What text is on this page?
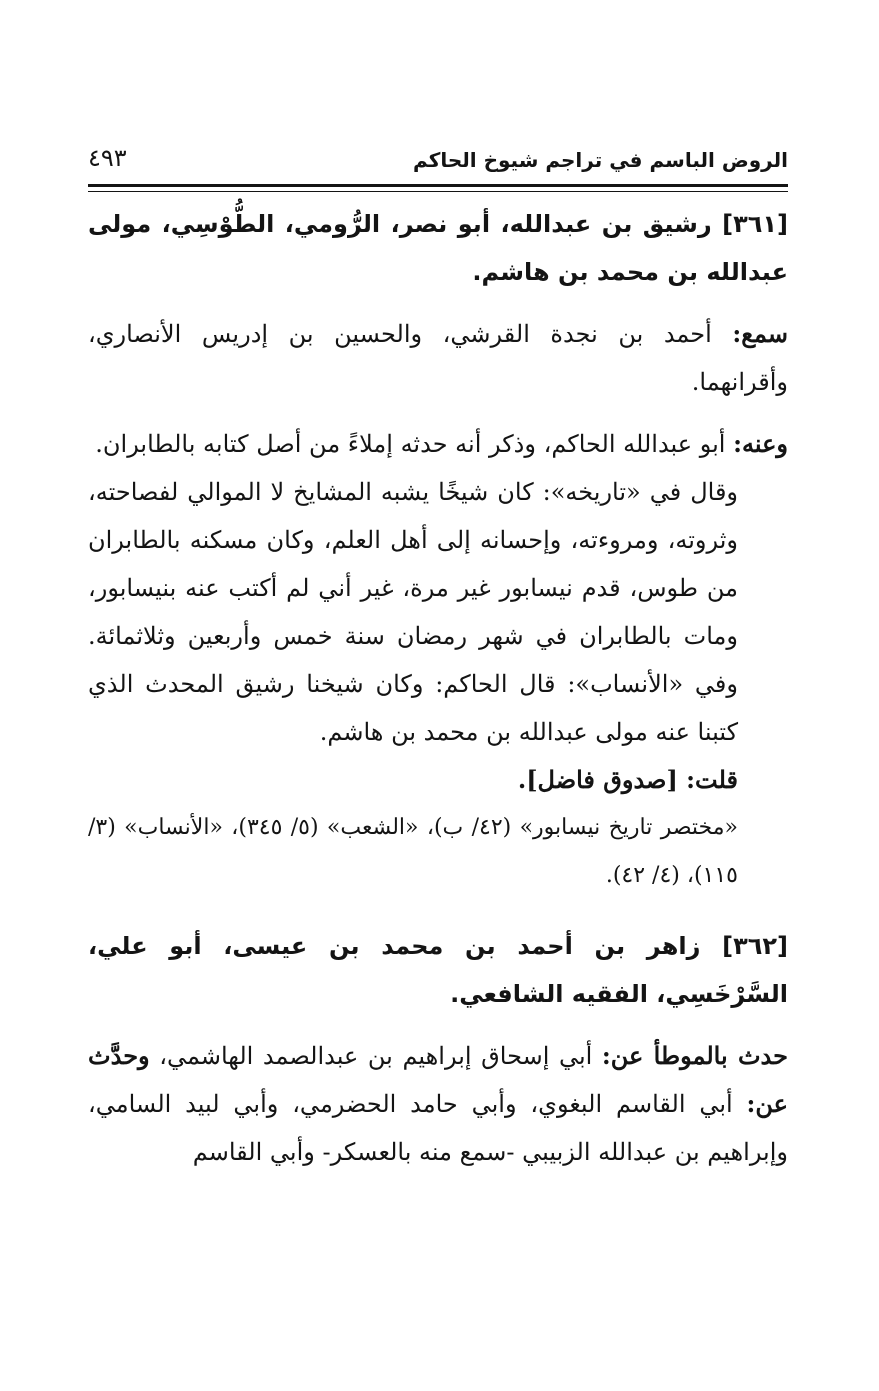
الروض الباسم في تراجم شيوخ الحاكم
٤٩٣

[٣٦١] رشيق بن عبدالله، أبو نصر، الرُّومي، الطُّوْسِي، مولى عبدالله بن محمد بن هاشم.

سمع: أحمد بن نجدة القرشي، والحسين بن إدريس الأنصاري، وأقرانهما.

وعنه: أبو عبدالله الحاكم، وذكر أنه حدثه إملاءً من أصل كتابه بالطابران.

وقال في «تاريخه»: كان شيخًا يشبه المشايخ لا الموالي لفصاحته، وثروته، ومروءته، وإحسانه إلى أهل العلم، وكان مسكنه بالطابران من طوس، قدم نيسابور غير مرة، غير أني لم أكتب عنه بنيسابور، ومات بالطابران في شهر رمضان سنة خمس وأربعين وثلاثمائة. وفي «الأنساب»: قال الحاكم: وكان شيخنا رشيق المحدث الذي كتبنا عنه مولى عبدالله بن محمد بن هاشم.

قلت: [صدوق فاضل].

«مختصر تاريخ نيسابور» (٤٢/ ب)، «الشعب» (٥/ ٣٤٥)، «الأنساب» (٣/ ١١٥)، (٤/ ٤٢).

[٣٦٢] زاهر بن أحمد بن محمد بن عيسى، أبو علي، السَّرْخَسِي، الفقيه الشافعي.

حدث بالموطأ عن: أبي إسحاق إبراهيم بن عبدالصمد الهاشمي، وحدَّث عن: أبي القاسم البغوي، وأبي حامد الحضرمي، وأبي لبيد السامي، وإبراهيم بن عبدالله الزبيبي -سمع منه بالعسكر- وأبي القاسم
